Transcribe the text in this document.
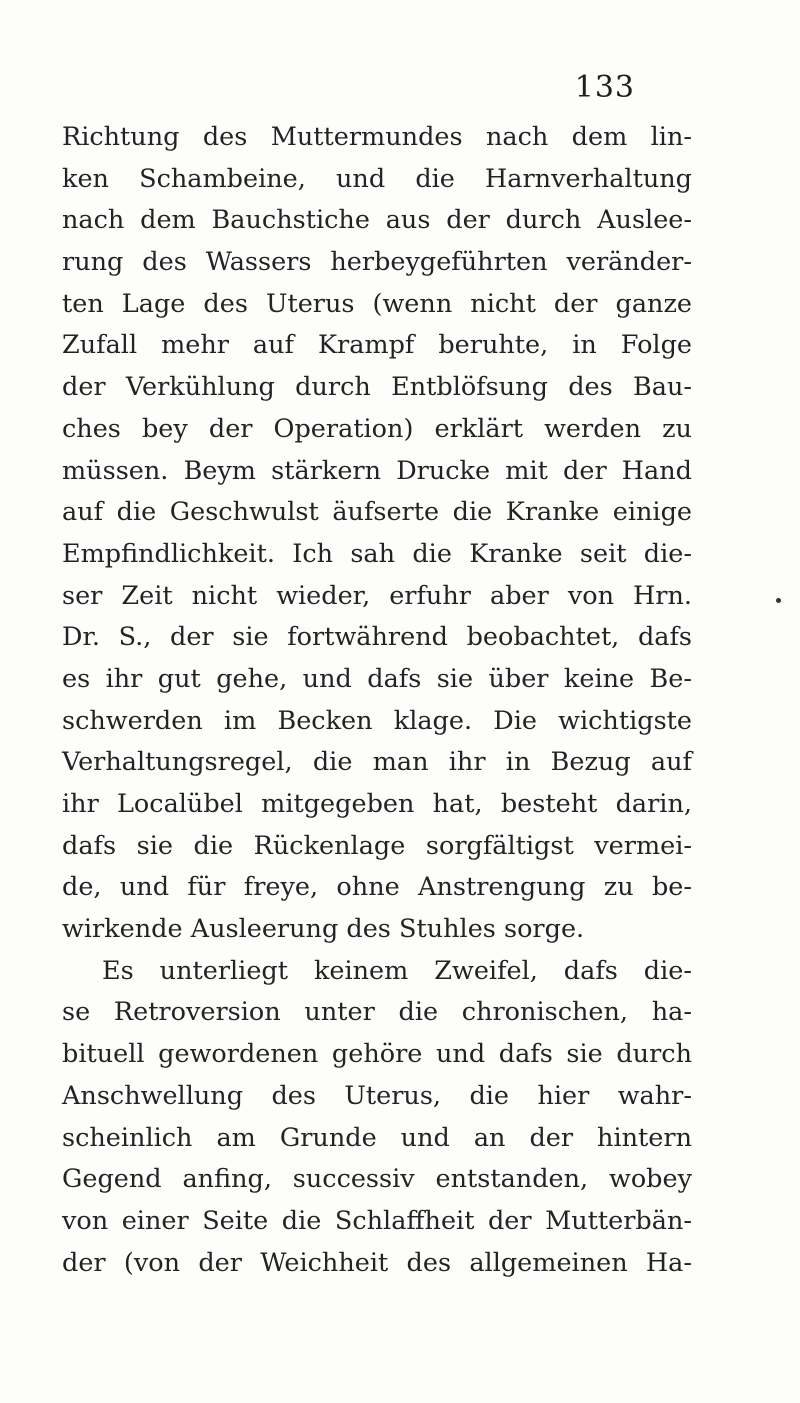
133
Richtung des Muttermundes nach dem lin-
ken Schambeine, und die Harnverhaltung
nach dem Bauchstiche aus der durch Auslee-
rung des Wassers herbeygeführten veränder-
ten Lage des Uterus (wenn nicht der ganze
Zufall mehr auf Krampf beruhte, in Folge
der Verkühlung durch Entblöfsung des Bau-
ches bey der Operation) erklärt werden zu
müssen. Beym stärkern Drucke mit der Hand
auf die Geschwulst äufserte die Kranke einige
Empfindlichkeit. Ich sah die Kranke seit die-
ser Zeit nicht wieder, erfuhr aber von Hrn.
Dr. S., der sie fortwährend beobachtet, dafs
es ihr gut gehe, und dafs sie über keine Be-
schwerden im Becken klage. Die wichtigste
Verhaltungsregel, die man ihr in Bezug auf
ihr Localübel mitgegeben hat, besteht darin,
dafs sie die Rückenlage sorgfältigst vermei-
de, und für freye, ohne Anstrengung zu be-
wirkende Ausleerung des Stuhles sorge.
Es unterliegt keinem Zweifel, dafs die-
se Retroversion unter die chronischen, ha-
bituell gewordenen gehöre und dafs sie durch
Anschwellung des Uterus, die hier wahr-
scheinlich am Grunde und an der hintern
Gegend anfing, successiv entstanden, wobey
von einer Seite die Schlaffheit der Mutterbän-
der (von der Weichheit des allgemeinen Ha-
